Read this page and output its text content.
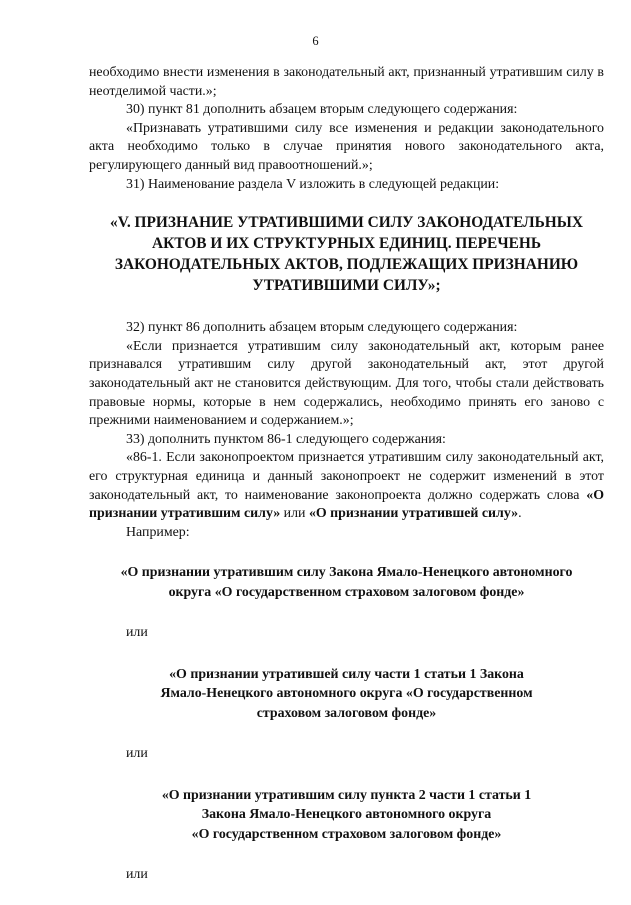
6

необходимо внести изменения в законодательный акт, признанный утратившим силу в неотделимой части.»;

30) пункт 81 дополнить абзацем вторым следующего содержания:

«Признавать утратившими силу все изменения и редакции законодательного акта необходимо только в случае принятия нового законодательного акта, регулирующего данный вид правоотношений.»;

31) Наименование раздела V изложить в следующей редакции:

«V. ПРИЗНАНИЕ УТРАТИВШИМИ СИЛУ ЗАКОНОДАТЕЛЬНЫХ АКТОВ И ИХ СТРУКТУРНЫХ ЕДИНИЦ. ПЕРЕЧЕНЬ ЗАКОНОДАТЕЛЬНЫХ АКТОВ, ПОДЛЕЖАЩИХ ПРИЗНАНИЮ УТРАТИВШИМИ СИЛУ»;

32) пункт 86 дополнить абзацем вторым следующего содержания:

«Если признается утратившим силу законодательный акт, которым ранее признавался утратившим силу другой законодательный акт, этот другой законодательный акт не становится действующим. Для того, чтобы стали действовать правовые нормы, которые в нем содержались, необходимо принять его заново с прежними наименованием и содержанием.»;

33) дополнить пунктом 86-1 следующего содержания:

«86-1. Если законопроектом признается утратившим силу законодательный акт, его структурная единица и данный законопроект не содержит изменений в этот законодательный акт, то наименование законопроекта должно содержать слова «О признании утратившим силу» или «О признании утратившей силу».

Например:

«О признании утратившим силу Закона Ямало-Ненецкого автономного
округа «О государственном страховом залоговом фонде»

или

«О признании утратившей силу части 1 статьи 1 Закона
Ямало-Ненецкого автономного округа «О государственном
страховом залоговом фонде»

или

«О признании утратившим силу пункта 2 части 1 статьи 1
Закона Ямало-Ненецкого автономного округа
«О государственном страховом залоговом фонде»

или
